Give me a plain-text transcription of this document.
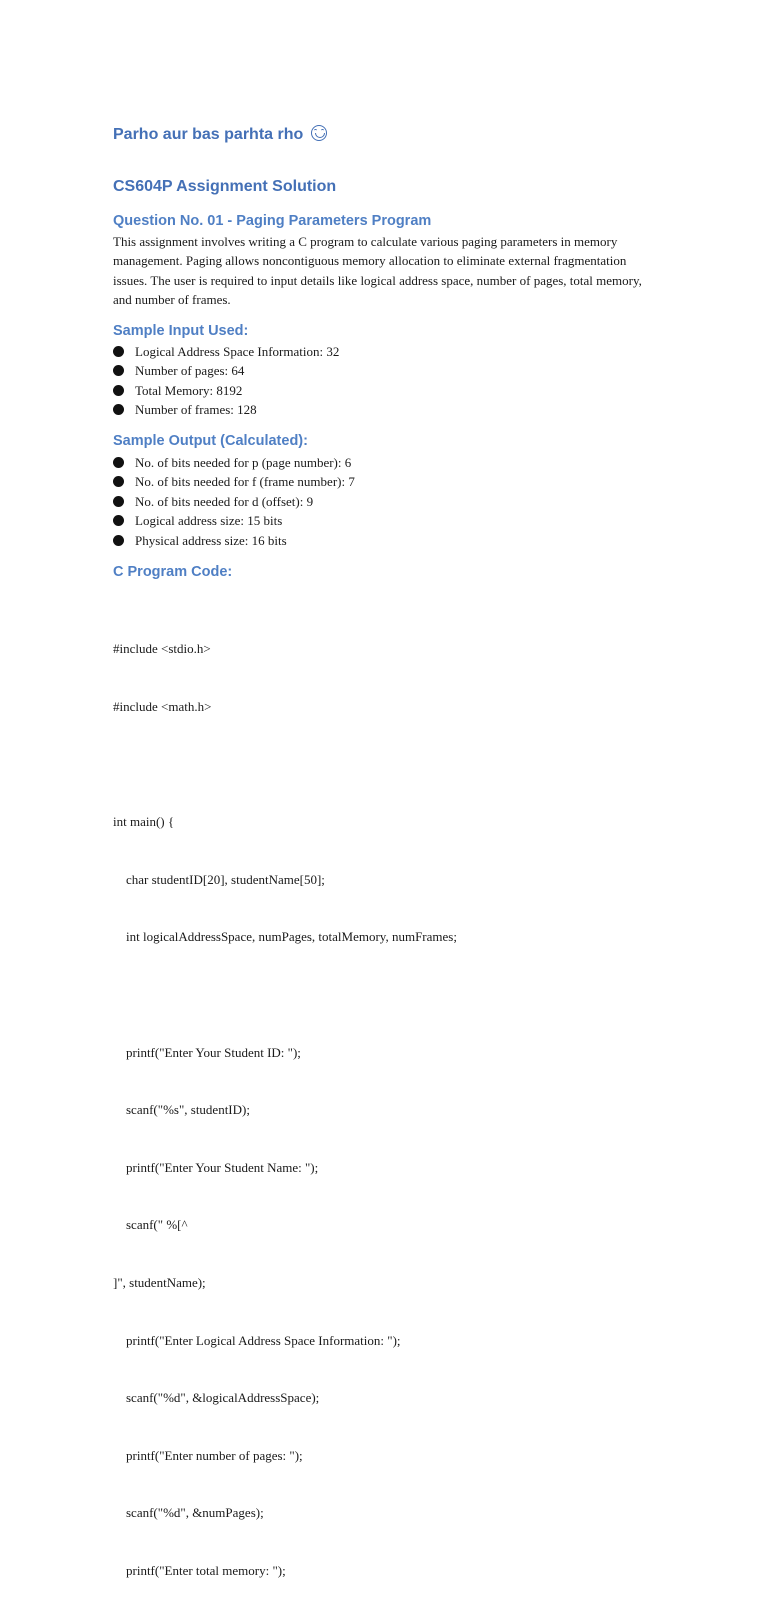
Parho aur bas parhta rho
CS604P Assignment Solution
Question No. 01 - Paging Parameters Program

This assignment involves writing a C program to calculate various paging parameters in memory management. Paging allows noncontiguous memory allocation to eliminate external fragmentation issues. The user is required to input details like logical address space, number of pages, total memory, and number of frames.

Sample Input Used:
Logical Address Space Information: 32
Number of pages: 64
Total Memory: 8192
Number of frames: 128
Sample Output (Calculated):
No. of bits needed for p (page number): 6
No. of bits needed for f (frame number): 7
No. of bits needed for d (offset): 9
Logical address size: 15 bits
Physical address size: 16 bits
C Program Code:

#include <stdio.h>

#include <math.h>

int main() {

char studentID[20], studentName[50];

int logicalAddressSpace, numPages, totalMemory, numFrames;

printf("Enter Your Student ID: ");

scanf("%s", studentID);

printf("Enter Your Student Name: ");

scanf(" %[^

]", studentName);

printf("Enter Logical Address Space Information: ");

scanf("%d", &logicalAddressSpace);

printf("Enter number of pages: ");

scanf("%d", &numPages);

printf("Enter total memory: ");
